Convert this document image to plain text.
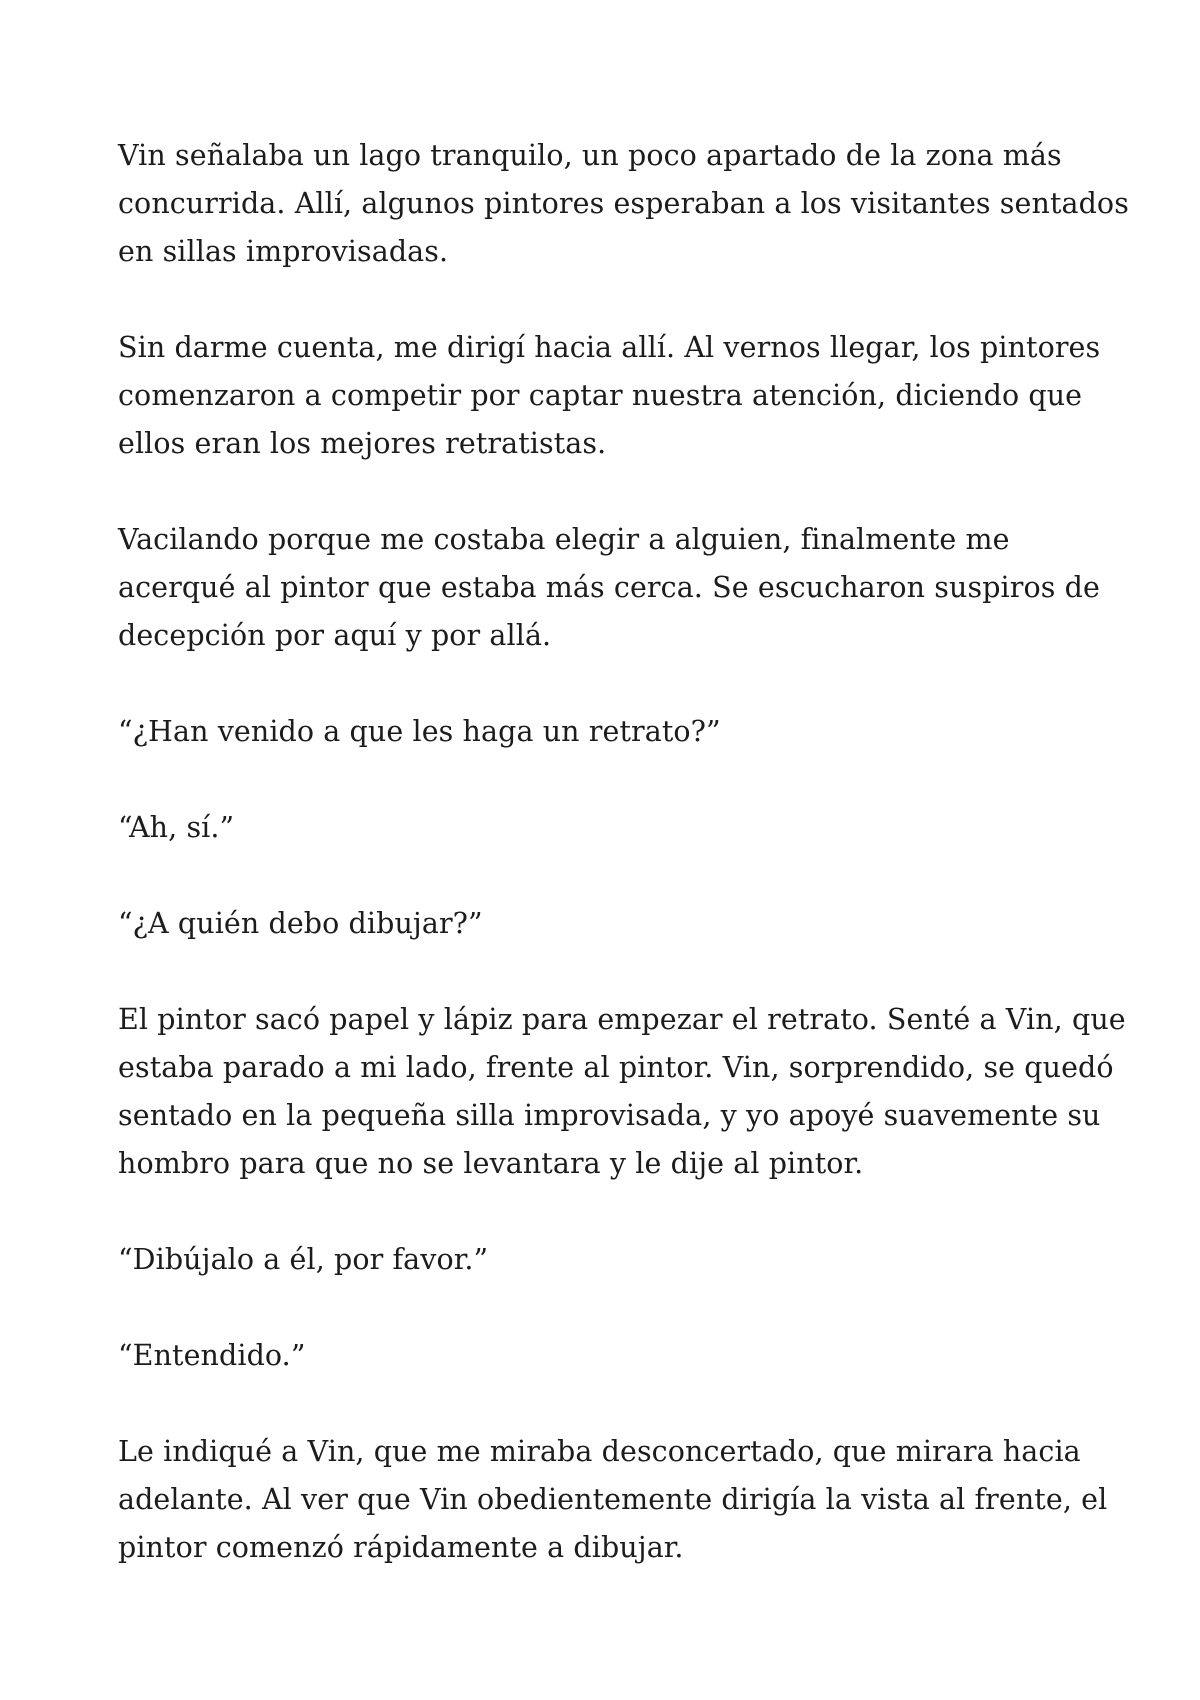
Vin señalaba un lago tranquilo, un poco apartado de la zona más
concurrida. Allí, algunos pintores esperaban a los visitantes sentados
en sillas improvisadas.

Sin darme cuenta, me dirigí hacia allí. Al vernos llegar, los pintores
comenzaron a competir por captar nuestra atención, diciendo que
ellos eran los mejores retratistas.

Vacilando porque me costaba elegir a alguien, finalmente me
acerqué al pintor que estaba más cerca. Se escucharon suspiros de
decepción por aquí y por allá.

“¿Han venido a que les haga un retrato?”

“Ah, sí.”

“¿A quién debo dibujar?”

El pintor sacó papel y lápiz para empezar el retrato. Senté a Vin, que
estaba parado a mi lado, frente al pintor. Vin, sorprendido, se quedó
sentado en la pequeña silla improvisada, y yo apoyé suavemente su
hombro para que no se levantara y le dije al pintor.

“Dibújalo a él, por favor.”

“Entendido.”

Le indiqué a Vin, que me miraba desconcertado, que mirara hacia
adelante. Al ver que Vin obedientemente dirigía la vista al frente, el
pintor comenzó rápidamente a dibujar.
